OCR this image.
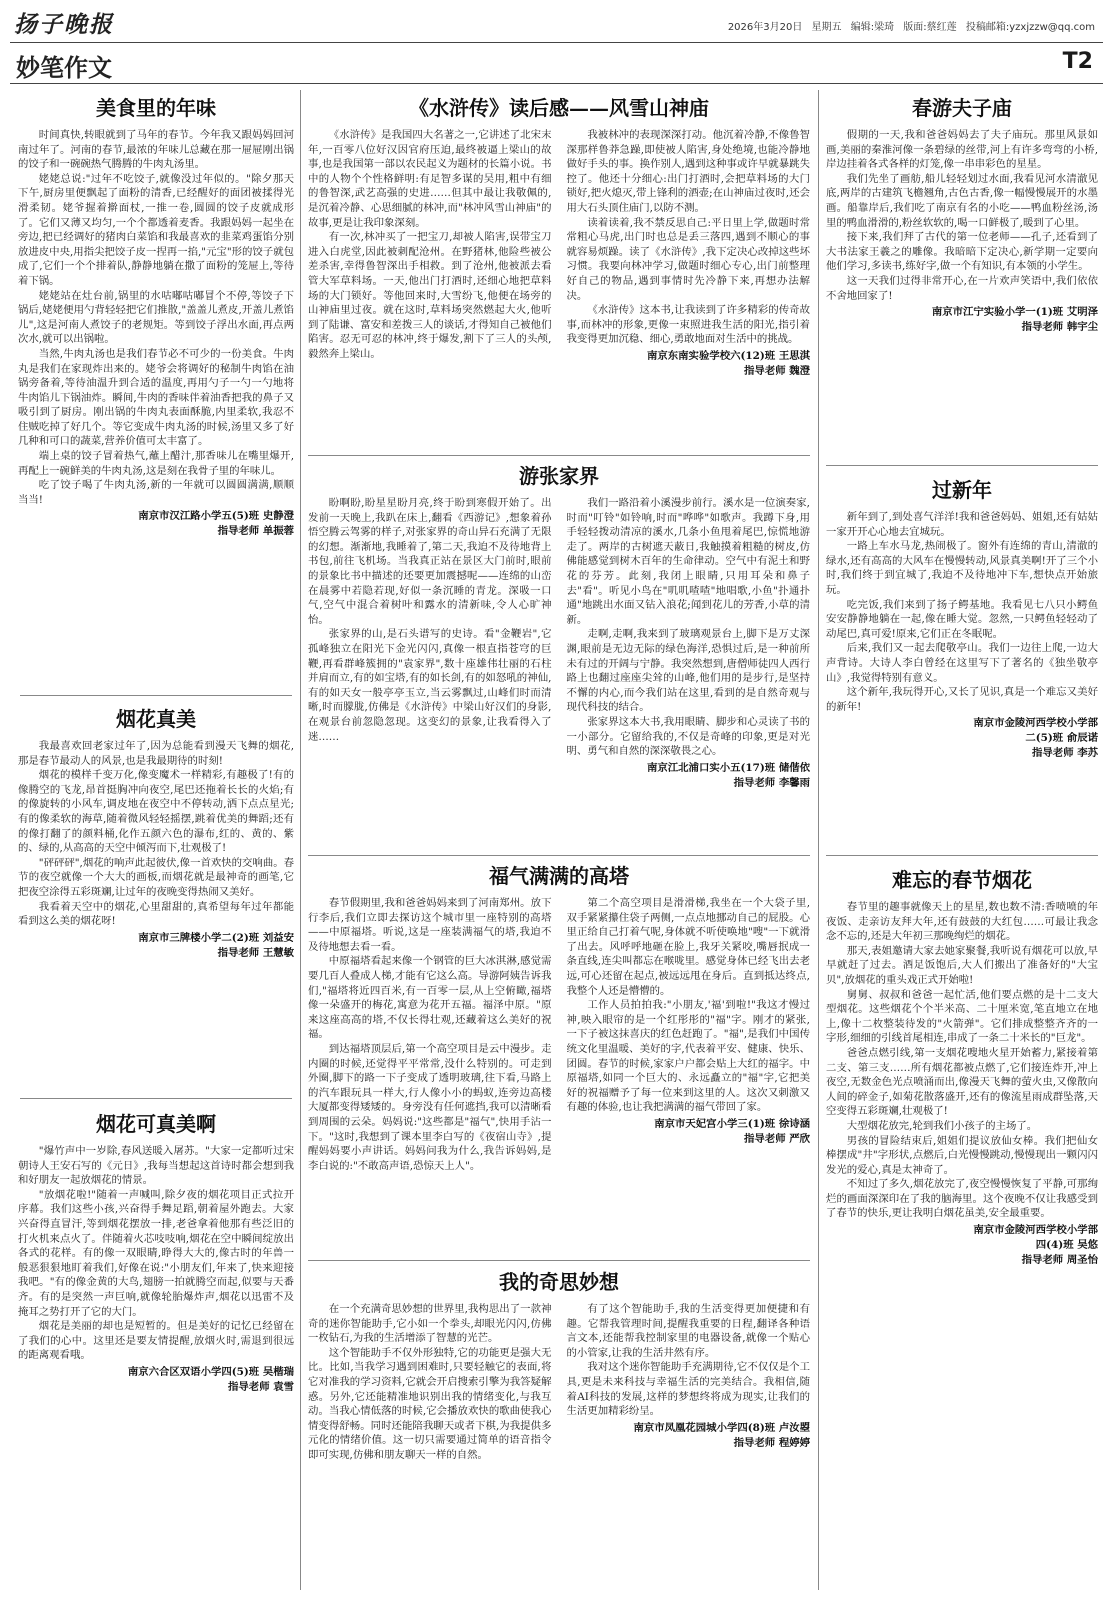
扬子晚报	2026年3月20日 星期五 编辑:梁琦 版面:蔡红莲 投稿邮箱:yzxjzzw@qq.com
妙笔作文	T2
美食里的年味

时间真快,转眼就到了马年的春节。今年我又跟妈妈回河南过年了。河南的春节,最浓的年味儿总藏在那一屉屉刚出锅的饺子和一碗碗热气腾腾的牛肉丸汤里。

姥姥总说:"过年不吃饺子,就像没过年似的。"除夕那天下午,厨房里便飘起了面粉的清香,已经醒好的面团被揉得光滑柔韧。姥爷握着擀面杖,一推一卷,圆圆的饺子皮就成形了。它们又薄又均匀,一个个都透着麦香。我跟妈妈一起坐在旁边,把已经调好的猪肉白菜馅和我最喜欢的韭菜鸡蛋馅分别放进皮中央,用指尖把饺子皮一捏再一掐,"元宝"形的饺子就包成了,它们一个个排着队,静静地躺在撒了面粉的笼屉上,等待着下锅。

姥姥站在灶台前,锅里的水咕嘟咕嘟冒个不停,等饺子下锅后,姥姥便用勺背轻轻把它们推散,"盖盖儿煮皮,开盖儿煮馅儿",这是河南人煮饺子的老规矩。等到饺子浮出水面,再点两次水,就可以出锅啦。

当然,牛肉丸汤也是我们春节必不可少的一份美食。牛肉丸是我们在家现炸出来的。姥爷会将调好的秘制牛肉馅在油锅旁备着,等待油温升到合适的温度,再用勺子一勺一勺地将牛肉馅儿下锅油炸。瞬间,牛肉的香味伴着油香把我的鼻子又吸引到了厨房。刚出锅的牛肉丸表面酥脆,内里柔软,我忍不住贼吃掉了好几个。等它变成牛肉丸汤的时候,汤里又多了好几种和可口的蔬菜,营养价值可太丰富了。

端上桌的饺子冒着热气,蘸上醋汁,那香味儿在嘴里爆开,再配上一碗鲜美的牛肉丸汤,这是刻在我骨子里的年味儿。

吃了饺子喝了牛肉丸汤,新的一年就可以圆圆满满,顺顺当当!

南京市汉江路小学五(5)班 史静澄
指导老师 单振蓉
烟花真美

我最喜欢回老家过年了,因为总能看到漫天飞舞的烟花,那是春节最动人的风景,也是我最期待的时刻!

烟花的模样千变万化,像变魔术一样精彩,有趣极了!有的像腾空的飞龙,昂首挺胸冲向夜空,尾巴还拖着长长的火焰;有的像旋转的小风车,调皮地在夜空中不停转动,洒下点点星光;有的像柔软的海草,随着微风轻轻摇摆,跳着优美的舞蹈;还有的像打翻了的颜料桶,化作五颜六色的瀑布,红的、黄的、紫的、绿的,从高高的天空中倾泻而下,壮观极了!

"砰砰砰",烟花的响声此起彼伏,像一首欢快的交响曲。春节的夜空就像一个大大的画板,而烟花就是最神奇的画笔,它把夜空涂得五彩斑斓,让过年的夜晚变得热闹又美好。

我看着天空中的烟花,心里甜甜的,真希望每年过年都能看到这么美的烟花呀!

南京市三牌楼小学二(2)班 刘益安
指导老师 王慧敏
烟花可真美啊

"爆竹声中一岁除,春风送暖入屠苏。"大家一定都听过宋朝诗人王安石写的《元日》,我每当想起这首诗时都会想到我和好朋友一起放烟花的情景。

"放烟花啦!"随着一声喊叫,除夕夜的烟花项目正式拉开序幕。我们这些小孩,兴奋得手舞足蹈,朝着屋外跑去。大家兴奋得直冒汗,等到烟花摆放一排,老爸拿着他那有些泛旧的打火机来点火了。伴随着火芯吱吱响,烟花在空中瞬间绽放出各式的花样。有的像一双眼睛,睁得大大的,像古时的年兽一般恶狠狠地盯着我们,好像在说:"小朋友们,年来了,快来迎接我吧。"有的像金黄的大鸟,翅膀一拍就腾空而起,似要与天番齐。有的是突然一声巨响,就像轮胎爆炸声,烟花以迅雷不及掩耳之势打开了它的大门。

烟花是美丽的却也是短暂的。但是美好的记忆已经留在了我们的心中。这里还是要友情提醒,放烟火时,需退到很远的距离观看哦。

南京六合区双语小学四(5)班 吴楷瑞
指导老师 袁雪
《水浒传》读后感——风雪山神庙

《水浒传》是我国四大名著之一,它讲述了北宋末年,一百零八位好汉因官府压迫,最终被逼上梁山的故事,也是我国第一部以农民起义为题材的长篇小说。书中的人物个个性格鲜明:有足智多谋的吴用,粗中有细的鲁智深,武艺高强的史进……但其中最让我敬佩的,是沉着冷静、心思细腻的林冲,而"林冲风雪山神庙"的故事,更是让我印象深刻。

有一次,林冲买了一把宝刀,却被人陷害,误带宝刀进入白虎堂,因此被刺配沧州。在野猪林,他险些被公差杀害,幸得鲁智深出手相救。到了沧州,他被派去看管大军草料场。一天,他出门打酒时,还细心地把草料场的大门锁好。等他回来时,大雪纷飞,他便在场旁的山神庙里过夜。就在这时,草料场突然燃起大火,他听到了陆谦、富安和差拨三人的谈话,才得知自己被他们陷害。忍无可忍的林冲,终于爆发,割下了三人的头颅,毅然奔上梁山。

我被林冲的表现深深打动。他沉着冷静,不像鲁智深那样鲁莽急躁,即使被人陷害,身处绝境,也能冷静地做好手头的事。换作别人,遇到这种事或许早就暴跳失控了。他还十分细心:出门打酒时,会把草料场的大门锁好,把火熄灭,带上锋利的酒壶;在山神庙过夜时,还会用大石头顶住庙门,以防不测。

读着读着,我不禁反思自己:平日里上学,做题时常常粗心马虎,出门时也总是丢三落四,遇到不顺心的事就容易烦躁。读了《水浒传》,我下定决心改掉这些坏习惯。我要向林冲学习,做题时细心专心,出门前整理好自己的物品,遇到事情时先冷静下来,再想办法解决。

《水浒传》这本书,让我读到了许多精彩的传奇故事,而林冲的形象,更像一束照进我生活的阳光,指引着我变得更加沉稳、细心,勇敢地面对生活中的挑战。

南京东南实验学校六(12)班 王思淇
指导老师 魏澄
游张家界

盼啊盼,盼星星盼月亮,终于盼到寒假开始了。出发前一天晚上,我趴在床上,翻看《西游记》,想象着孙悟空腾云驾雾的样子,对张家界的奇山异石充满了无限的幻想。渐渐地,我睡着了,第二天,我迫不及待地背上书包,前往飞机场。当我真正站在景区大门前时,眼前的景象比书中描述的还要更加震撼呢——连绵的山峦在晨雾中若隐若现,好似一条沉睡的青龙。深吸一口气,空气中混合着树叶和露水的清新味,令人心旷神怡。

张家界的山,是石头谱写的史诗。看"金鞭岩",它孤峰独立在阳光下金光闪闪,真像一根直指苍穹的巨鞭,再看群峰簇拥的"袁家界",数十座雄伟壮丽的石柱并肩而立,有的如宝塔,有的如长剑,有的如怒吼的神仙,有的如天女一般亭亭玉立,当云雾飘过,山峰们时而清晰,时而朦胧,仿佛是《水浒传》中梁山好汉们的身影,在观景台前忽隐忽现。这变幻的景象,让我看得入了迷……

我们一路沿着小溪漫步前行。溪水是一位演奏家,时而"叮铃"如铃响,时而"哗哗"如歌声。我蹲下身,用手轻轻拨动清凉的溪水,几条小鱼甩着尾巴,惊慌地游走了。两岸的古树遮天蔽日,我触摸着粗糙的树皮,仿佛能感觉到树木百年的生命律动。空气中有泥土和野花的芬芳。此刻,我闭上眼睛,只用耳朵和鼻子去"看"。听见小鸟在"叽叽喳喳"地唱歌,小鱼"扑通扑通"地跳出水面又钻入浪花;闻到花儿的芳香,小草的清新。

走啊,走啊,我来到了玻璃观景台上,脚下是万丈深渊,眼前是无边无际的绿色海洋,恐惧过后,是一种前所未有过的开阔与宁静。我突然想到,唐僧师徒四人西行路上也翻过座座尖耸的山峰,他们用的是步行,是坚持不懈的内心,而今我们站在这里,看到的是自然奇观与现代科技的结合。

张家界这本大书,我用眼睛、脚步和心灵读了书的一小部分。它留给我的,不仅是奇峰的印象,更是对光明、勇气和自然的深深敬畏之心。

南京江北浦口实小五(17)班 储偕依
指导老师 李馨雨
福气满满的高塔

春节假期里,我和爸爸妈妈来到了河南郑州。放下行李后,我们立即去探访这个城市里一座特别的高塔——中原福塔。听说,这是一座装满福气的塔,我迫不及待地想去看一看。

中原福塔看起来像一个钢管的巨大冰淇淋,感觉需要几百人叠成人梯,才能有它这么高。导游阿姨告诉我们,"福塔将近四百米,有一百零一层,从上空俯瞰,福塔像一朵盛开的梅花,寓意为花开五福。福泽中原。"原来这座高高的塔,不仅长得壮观,还藏着这么美好的祝福。

到达福塔顶层后,第一个高空项目是云中漫步。走内圈的时候,还觉得平平常常,没什么特别的。可走到外圈,脚下的路一下子变成了透明玻璃,往下看,马路上的汽车跟玩具一样大,行人像小小的蚂蚁,连旁边高楼大厦都变得矮矮的。身旁没有任何遮挡,我可以清晰看到周围的云朵。妈妈说:"这些都是"福气",快用手沾一下。"这时,我想到了课本里李白写的《夜宿山寺》,提醒妈妈要小声讲话。妈妈问我为什么,我告诉妈妈,是李白说的:"不敢高声语,恐惊天上人"。

第二个高空项目是滑滑梯,我坐在一个大袋子里,双手紧紧攥住袋子两侧,一点点地挪动自己的屁股。心里正给自己打着气呢,身体就不听使唤地"嗖"一下就滑了出去。风呼呼地砸在脸上,我牙关紧咬,嘴唇抿成一条直线,连尖叫都忘在喉咙里。感觉身体已经飞出去老远,可心还留在起点,被远远甩在身后。直到抵达终点,我整个人还是懵懵的。

工作人员拍拍我:"小朋友,'福'到啦!"我这才慢过神,映入眼帘的是一个红彤彤的"福"字。刚才的紧张,一下子被这抹喜庆的红色赶跑了。"福",是我们中国传统文化里温暖、美好的字,代表着平安、健康、快乐、团圆。春节的时候,家家户户都会贴上大红的福字。中原福塔,如同一个巨大的、永远矗立的"福"字,它把美好的祝福赠予了每一位来到这里的人。这次又刺激又有趣的体验,也让我把满满的福气带回了家。

南京市天妃宫小学三(1)班 徐诗涵
指导老师 严欣
我的奇思妙想

在一个充满奇思妙想的世界里,我构思出了一款神奇的迷你智能助手,它小如一个拳头,却眼光闪闪,仿佛一枚钻石,为我的生活增添了智慧的光芒。

这个智能助手不仅外形独特,它的功能更是强大无比。比如,当我学习遇到困难时,只要轻触它的表面,将它对准我的学习资料,它就会开启搜索引擎为我答疑解惑。另外,它还能精准地识别出我的情绪变化,与我互动。当我心情低落的时候,它会播放欢快的歌曲使我心情变得舒畅。同时还能陪我聊天或者下棋,为我提供多元化的情绪价值。这一切只需要通过简单的语音指令即可实现,仿佛和朋友聊天一样的自然。

有了这个智能助手,我的生活变得更加便捷和有趣。它帮我管理时间,提醒我重要的日程,翻译各种语言文本,还能帮我控制家里的电器设备,就像一个贴心的小管家,让我的生活井然有序。

我对这个迷你智能助手充满期待,它不仅仅是个工具,更是未来科技与幸福生活的完美结合。我相信,随着AI科技的发展,这样的梦想终将成为现实,让我们的生活更加精彩纷呈。

南京市凤凰花园城小学四(8)班 卢汝曌
指导老师 程婷婷
春游夫子庙

假期的一天,我和爸爸妈妈去了夫子庙玩。那里风景如画,美丽的秦淮河像一条碧绿的丝带,河上有许多弯弯的小桥,岸边挂着各式各样的灯笼,像一串串彩色的星星。

我们先坐了画舫,船儿轻轻划过水面,我看见河水清澈见底,两岸的古建筑飞檐翘角,古色古香,像一幅慢慢展开的水墨画。船靠岸后,我们吃了南京有名的小吃——鸭血粉丝汤,汤里的鸭血滑滑的,粉丝软软的,喝一口鲜极了,暖到了心里。

接下来,我们拜了古代的第一位老师——孔子,还看到了大书法家王羲之的雕像。我暗暗下定决心,新学期一定要向他们学习,多读书,练好字,做一个有知识,有本领的小学生。

这一天我们过得非常开心,在一片欢声笑语中,我们依依不舍地回家了!

南京市江宁实验小学一(1)班 艾明泽
指导老师 韩宇尘
过新年

新年到了,到处喜气洋洋!我和爸爸妈妈、姐姐,还有姑姑一家开开心心地去宜城玩。

一路上车水马龙,热闹极了。窗外有连绵的青山,清澈的绿水,还有高高的大风车在慢慢转动,风景真美啊!开了三个小时,我们终于到宜城了,我迫不及待地冲下车,想快点开始旅玩。

吃完饭,我们来到了扬子鳄基地。我看见七八只小鳄鱼安安静静地躺在一起,像在睡大觉。忽然,一只鳄鱼轻轻动了动尾巴,真可爱!原来,它们正在冬眠呢。

后来,我们又一起去爬敬亭山。我们一边往上爬,一边大声背诗。大诗人李白曾经在这里写下了著名的《独坐敬亭山》,我觉得特别有意义。

这个新年,我玩得开心,又长了见识,真是一个难忘又美好的新年!

南京市金陵河西学校小学部
二(5)班 俞辰诺
指导老师 李苏
难忘的春节烟花

春节里的趣事就像天上的星星,数也数不清:香喷喷的年夜饭、走亲访友拜大年,还有鼓鼓的大红包……可最让我念念不忘的,还是大年初三那晚绚烂的烟花。

那天,表姐邀请大家去她家聚餐,我听说有烟花可以放,早早就赶了过去。酒足饭饱后,大人们搬出了准备好的"大宝贝",放烟花的重头戏正式开始啦!

舅舅、叔叔和爸爸一起忙活,他们要点燃的是十二支大型烟花。这些烟花个个半米高、二十厘米宽,笔直地立在地上,像十二枚整装待发的"火箭弹"。它们排成整整齐齐的一字形,细细的引线首尾相连,串成了一条二十米长的"巨龙"。

爸爸点燃引线,第一支烟花嗖地火星开始蓄力,紧接着第二支、第三支……所有烟花都被点燃了,它们接连炸开,冲上夜空,无数金色光点喷涌而出,像漫天飞舞的萤火虫,又像散向人间的碎金子,如菊花散落盛开,还有的像流星雨成群坠落,天空变得五彩斑斓,壮观极了!

大型烟花放完,轮到我们小孩子的主场了。

男孩的冒险结束后,姐姐们提议放仙女棒。我们把仙女棒摆成"井"字形状,点燃后,白光慢慢跳动,慢慢现出一颗闪闪发光的爱心,真是太神奇了。

不知过了多久,烟花放完了,夜空慢慢恢复了平静,可那绚烂的画面深深印在了我的脑海里。这个夜晚不仅让我感受到了春节的快乐,更让我明白烟花虽美,安全最重要。

南京市金陵河西学校小学部
四(4)班 吴悠
指导老师 周圣怡
